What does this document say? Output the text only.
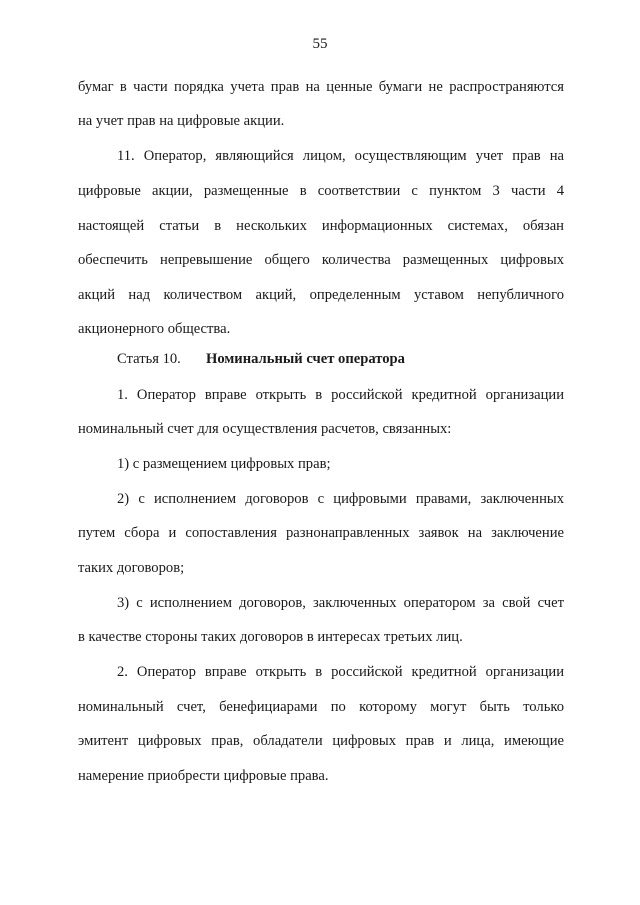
55
бумаг в части порядка учета прав на ценные бумаги не распространяются
на учет прав на цифровые акции.
11. Оператор, являющийся лицом, осуществляющим учет прав на
цифровые акции, размещенные в соответствии с пунктом 3 части 4
настоящей статьи в нескольких информационных системах, обязан
обеспечить непревышение общего количества размещенных цифровых
акций над количеством акций, определенным уставом непубличного
акционерного общества.
Статья 10. Номинальный счет оператора
1. Оператор вправе открыть в российской кредитной организации
номинальный счет для осуществления расчетов, связанных:
1) с размещением цифровых прав;
2) с исполнением договоров с цифровыми правами, заключенных
путем сбора и сопоставления разнонаправленных заявок на заключение
таких договоров;
3) с исполнением договоров, заключенных оператором за свой счет
в качестве стороны таких договоров в интересах третьих лиц.
2. Оператор вправе открыть в российской кредитной организации
номинальный счет, бенефициарами по которому могут быть только
эмитент цифровых прав, обладатели цифровых прав и лица, имеющие
намерение приобрести цифровые права.
